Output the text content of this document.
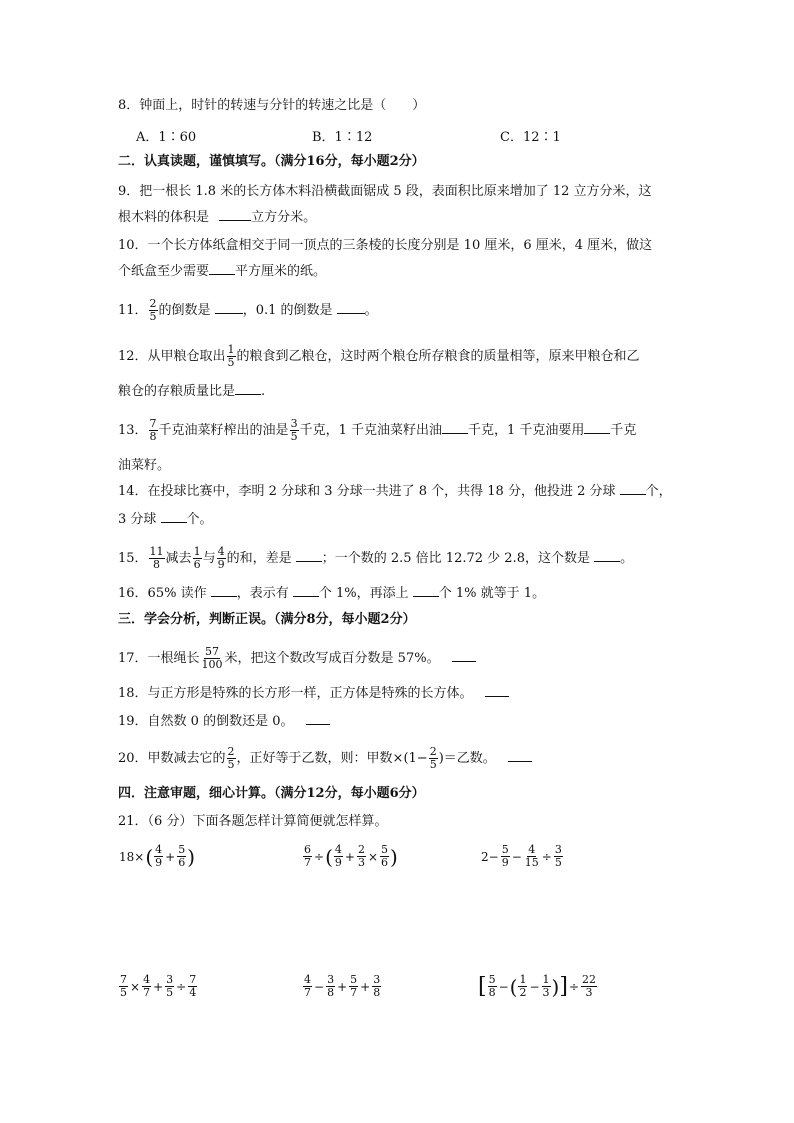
8．钟面上，时针的转速与分针的转速之比是（　　）
A．1∶60	B．1∶12	C．12∶1
二．认真读题，谨慎填写。（满分16分，每小题2分）
9．把一根长 1.8 米的长方体木料沿横截面锯成 5 段，表面积比原来增加了 12 立方分米，这
根木料的体积是	立方分米。
10．一个长方体纸盒相交于同一顶点的三条棱的长度分别是 10 厘米，6 厘米，4 厘米，做这
个纸盒至少需要 平方厘米的纸。
11． $\frac{2}{5}$ 的倒数是 ，0.1 的倒数是 。
12．从甲粮仓取出 $\frac{1}{5}$ 的粮食到乙粮仓，这时两个粮仓所存粮食的质量相等，原来甲粮仓和乙
粮仓的存粮质量比是 .
13． $\frac{7}{8}$ 千克油菜籽榨出的油是 $\frac{3}{5}$ 千克，1 千克油菜籽出油 千克，1 千克油要用 千克
油菜籽。
14．在投球比赛中，李明 2 分球和 3 分球一共进了 8 个，共得 18 分，他投进 2 分球 个，
3 分球 个。
15． $\frac{11}{8}$ 减去 $\frac{1}{6}$ 与 $\frac{4}{9}$ 的和，差是 ；一个数的 2.5 倍比 12.72 少 2.8，这个数是 。
16．65% 读作 ，表示有 个 1%，再添上 个 1% 就等于 1。
三．学会分析，判断正误。（满分8分，每小题2分）
17．一根绳长 $\frac{57}{100}$ 米，把这个数改写成百分数是 57%。
18．与正方形是特殊的长方形一样，正方体是特殊的长方体。
19．自然数 0 的倒数还是 0。
20．甲数减去它的 $\frac{2}{5}$ ，正好等于乙数，则：甲数$\times(1- \frac{2}{5}$ )＝乙数。
四．注意审题，细心计算。（满分12分，每小题6分）
21．（6 分）下面各题怎样计算简便就怎样算。
18× ( $\frac{4}{9} + \frac{5}{6}$ )	$\frac{6}{7}$ ÷ ( $\frac{4}{9} + \frac{2}{3} \times \frac{5}{6}$ )	$2- \frac{5}{9} - \frac{4}{15} \div \frac{3}{5}$
$\frac{7}{5} \times \frac{4}{7} + \frac{3}{5} \div \frac{7}{4}$	$\frac{4}{7} - \frac{3}{8} + \frac{5}{7} + \frac{3}{8}$	[ $\frac{5}{8}$ − ( $\frac{1}{2} - \frac{1}{3}$ ) ] ÷ $\frac{22}{3}$
